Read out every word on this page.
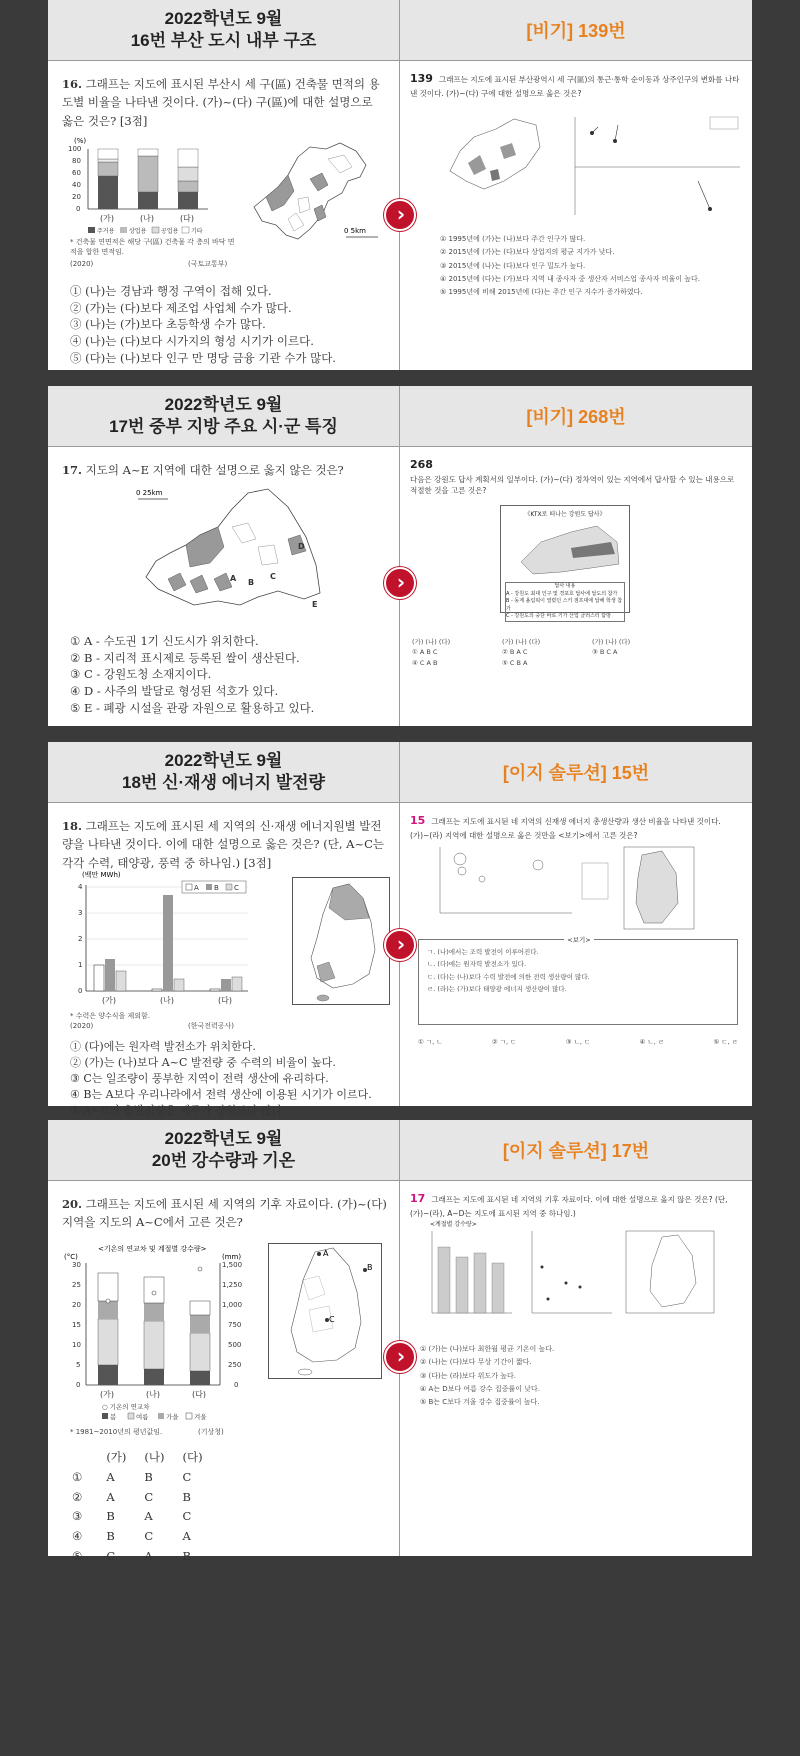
2022학년도 9월
16번 부산 도시 내부 구조	[비기] 139번
16. 그래프는 지도에 표시된 부산시 세 구(區) 건축물 면적의 용도별 비율을 나타낸 것이다. (가)~(다) 구(區)에 대한 설명으로 옳은 것은? [3점]
(%)
100
80
60
40
20
0
(가)	(나)	(다)
주거용 상업용 공업용 기타
* 건축물 연면적은 해당 구(區) 건축물 각 층의 바닥 면적을 합한 면적임.
(2020)	(국토교통부)
0 5km
① (나)는 경남과 행정 구역이 접해 있다.
② (가)는 (다)보다 제조업 사업체 수가 많다.
③ (나)는 (가)보다 초등학생 수가 많다.
④ (나)는 (다)보다 시가지의 형성 시기가 이르다.
⑤ (다)는 (나)보다 인구 만 명당 금융 기관 수가 많다.
139 그래프는 지도에 표시된 부산광역시 세 구(區)의 통근·통학 순이동과 상주인구의 변화를 나타낸 것이다. (가)~(다) 구에 대한 설명으로 옳은 것은?
① 1995년에 (가)는 (나)보다 주간 인구가 많다.
② 2015년에 (가)는 (다)보다 상업지의 평균 지가가 낮다.
③ 2015년에 (나)는 (다)보다 인구 밀도가 높다.
④ 2015년에 (다)는 (가)보다 지역 내 종사자 중 생산자 서비스업 종사자 비율이 높다.
⑤ 1995년에 비해 2015년에 (다)는 주간 인구 지수가 증가하였다.
›
2022학년도 9월
17번 중부 지방 주요 시·군 특징	[비기] 268번
17. 지도의 A~E 지역에 대한 설명으로 옳지 않은 것은?
0 25km
A B
C
D
E
① A - 수도권 1기 신도시가 위치한다.
② B - 지리적 표시제로 등록된 쌀이 생산된다.
③ C - 강원도청 소재지이다.
④ D - 사주의 발달로 형성된 석호가 있다.
⑤ E - 폐광 시설을 관광 자원으로 활용하고 있다.
268
다음은 강원도 답사 계획서의 일부이다. (가)~(다) 정차역이 있는 지역에서 답사할 수 있는 내용으로 적절한 것을 고른 것은?
《KTX로 떠나는 강원도 답사》
답사 내용
A - 강원도 최대 인구 및 경포호 답사에 답도의 참가
B - 동계 올림픽이 열렸던 스키 점프대에 답해 학생 참가
C - 강원도의 중단 바로 기가 산업 클러스터 탐방
(가) (나) (다)	(가) (나) (다)	(가) (나) (다)
① A B C	② B A C	③ B C A
④ C A B	⑤ C B A
›
2022학년도 9월
18번 신·재생 에너지 발전량	[이지 솔루션] 15번
18. 그래프는 지도에 표시된 세 지역의 신·재생 에너지원별 발전량을 나타낸 것이다. 이에 대한 설명으로 옳은 것은? (단, A~C는 각각 수력, 태양광, 풍력 중 하나임.) [3점]
(백만 MWh)
4
3
2
1
0
(가)	(나)	(다)
A B C
* 수력은 양수식을 제외함.
(2020)	(한국전력공사)
① (다)에는 원자력 발전소가 위치한다.
② (가)는 (나)보다 A~C 발전량 중 수력의 비율이 높다.
③ C는 일조량이 풍부한 지역이 전력 생산에 유리하다.
④ B는 A보다 우리나라에서 전력 생산에 이용된 시기가 이르다.
⑤ A~C의 총발전량은 제주가 강원보다 많다.
15 그래프는 지도에 표시된 네 지역의 신재생 에너지 총생산량과 생산 비율을 나타낸 것이다. (가)~(라) 지역에 대한 설명으로 옳은 것만을 <보기>에서 고른 것은?
<보기>
ㄱ. (나)에서는 조력 발전이 이루어진다.
ㄴ. (다)에는 원자력 발전소가 있다.
ㄷ. (다)는 (나)보다 수력 발전에 의한 전력 생산량이 많다.
ㄹ. (라)는 (가)보다 태양광 에너지 생산량이 많다.
① ㄱ, ㄴ	② ㄱ, ㄷ	③ ㄴ, ㄷ	④ ㄴ, ㄹ	⑤ ㄷ, ㄹ
›
2022학년도 9월
20번 강수량과 기온	[이지 솔루션] 17번
20. 그래프는 지도에 표시된 세 지역의 기후 자료이다. (가)~(다) 지역을 지도의 A~C에서 고른 것은?
<기온의 연교차 및 계절별 강수량>
(°C)	(mm)
30
25
20
15
10
5
0
1,500
1,250
1,000
750
500
250
0
(가)	(나)	(다)
○ 기온의 연교차
봄	여름	가을 겨울
* 1981~2010년의 평년값임.	(기상청)
A
B
C
	(가)	(나)	(다)
①	A	B	C
②	A	C	B
③	B	A	C
④	B	C	A
⑤	C	A	B
17 그래프는 지도에 표시된 네 지역의 기후 자료이다. 이에 대한 설명으로 옳지 않은 것은? (단, (가)~(라), A~D는 지도에 표시된 지역 중 하나임.)
<계절별 강수량>
① (가)는 (나)보다 최한월 평균 기온이 높다.
② (나)는 (다)보다 무상 기간이 짧다.
③ (다)는 (라)보다 위도가 높다.
④ A는 D보다 여름 강수 집중률이 낮다.
⑤ B는 C보다 겨울 강수 집중률이 높다.
›
